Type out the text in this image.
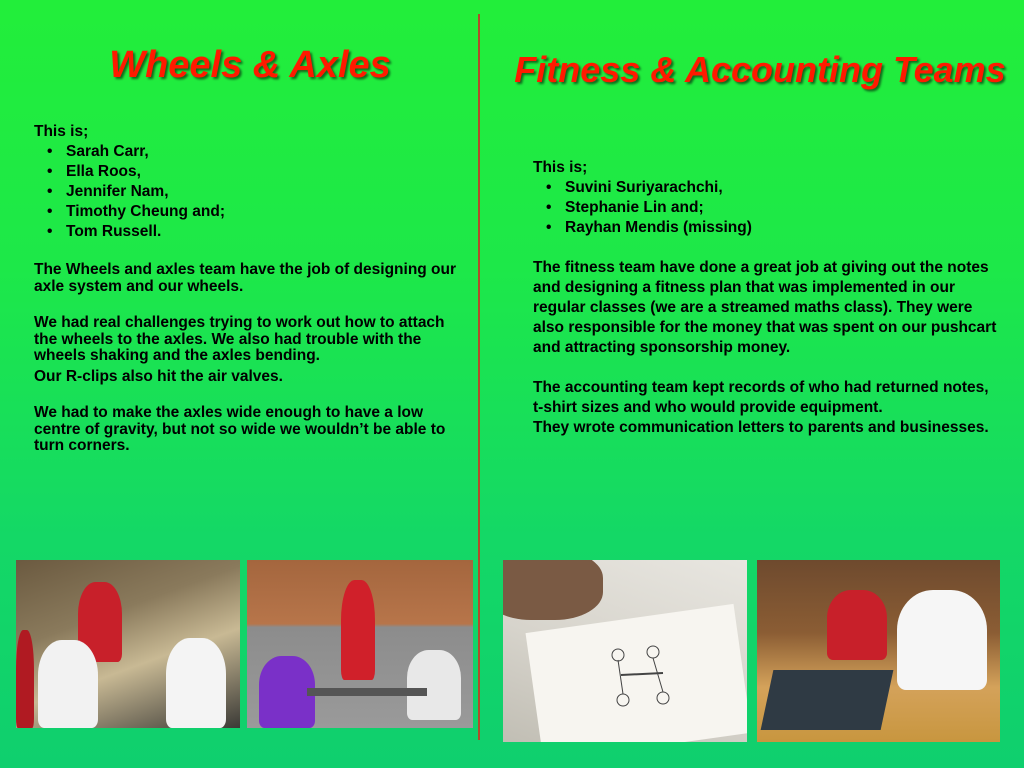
Wheels & Axles

This is;

• Sarah Carr,
• Ella Roos,
• Jennifer Nam,
• Timothy Cheung and;
• Tom Russell.

The Wheels and axles team have the job of designing our axle system and our wheels.

We had real challenges trying to work out how to attach the wheels to the axles. We also had trouble with the wheels shaking and the axles bending.

Our R-clips also hit the air valves.

We had to make the axles wide enough to have a low centre of gravity, but not so wide we wouldn’t be able to turn corners.

Fitness & Accounting Teams

This is;

• Suvini Suriyarachchi,
• Stephanie Lin and;
• Rayhan Mendis (missing)

The fitness team have done a great job at giving out the notes and designing a fitness plan that was implemented in our regular classes (we are a streamed maths class). They were also responsible for the money that was spent on our pushcart and attracting sponsorship money.

The accounting team kept records of who had returned notes, t-shirt sizes and who would provide equipment.

They wrote communication letters to parents and businesses.
